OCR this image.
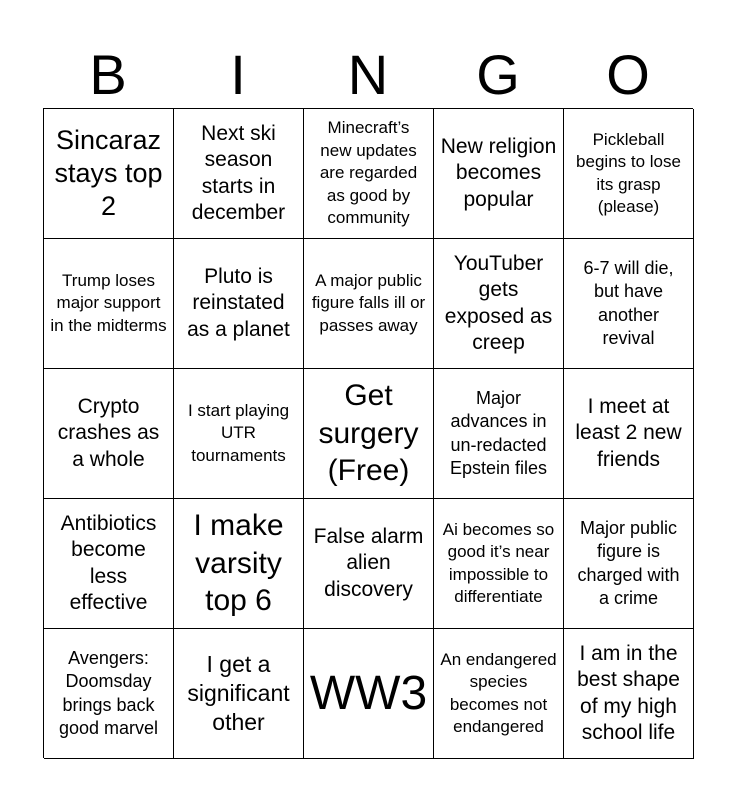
B	I	N	G	O
Sincaraz stays top 2
Next ski season starts in december
Minecraft’s new updates are regarded as good by community
New religion becomes popular
Pickleball begins to lose its grasp (please)
Trump loses major support in the midterms
Pluto is reinstated as a planet
A major public figure falls ill or passes away
YouTuber gets exposed as creep
6-7 will die, but have another revival
Crypto crashes as a whole
I start playing UTR tournaments
Get surgery (Free)
Major advances in un-redacted Epstein files
I meet at least 2 new friends
Antibiotics become less effective
I make varsity top 6
False alarm alien discovery
Ai becomes so good it’s near impossible to differentiate
Major public figure is charged with a crime
Avengers: Doomsday brings back good marvel
I get a significant other
WW3
An endangered species becomes not endangered
I am in the best shape of my high school life
